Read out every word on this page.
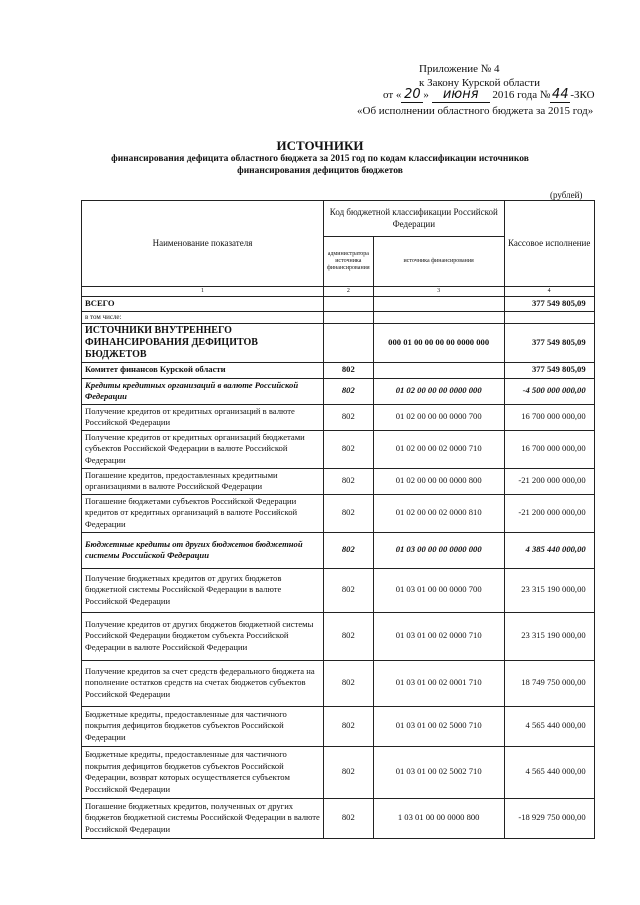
Приложение № 4
к Закону Курской области
от « 20 » июня 2016 года № 44 -ЗКО
«Об исполнении областного бюджета за 2015 год»
ИСТОЧНИКИ
финансирования дефицита областного бюджета за 2015 год по кодам классификации источников
финансирования дефицитов бюджетов
(рублей)
Наименование показателя	Код бюджетной классификации Российской Федерации		Кассовое исполнение
	администратора источника финансирования	источника финансирования	
1	2	3	4
ВСЕГО			377 549 805,09
в том числе:			
ИСТОЧНИКИ ВНУТРЕННЕГО ФИНАНСИРОВАНИЯ ДЕФИЦИТОВ БЮДЖЕТОВ		000 01 00 00 00 00 0000 000	377 549 805,09
Комитет финансов Курской области	802		377 549 805,09
Кредиты кредитных организаций в валюте Российской Федерации	802	01 02 00 00 00 0000 000	-4 500 000 000,00
Получение кредитов от кредитных организаций в валюте Российской Федерации	802	01 02 00 00 00 0000 700	16 700 000 000,00
Получение кредитов от кредитных организаций бюджетами субъектов Российской Федерации в валюте Российской Федерации	802	01 02 00 00 02 0000 710	16 700 000 000,00
Погашение кредитов, предоставленных кредитными организациями в валюте Российской Федерации	802	01 02 00 00 00 0000 800	-21 200 000 000,00
Погашение бюджетами субъектов Российской Федерации кредитов от кредитных организаций в валюте Российской Федерации	802	01 02 00 00 02 0000 810	-21 200 000 000,00
Бюджетные кредиты от других бюджетов бюджетной системы Российской Федерации	802	01 03 00 00 00 0000 000	4 385 440 000,00
Получение бюджетных кредитов от других бюджетов бюджетной системы Российской Федерации в валюте Российской Федерации	802	01 03 01 00 00 0000 700	23 315 190 000,00
Получение кредитов от других бюджетов бюджетной системы Российской Федерации бюджетом субъекта Российской Федерации в валюте Российской Федерации	802	01 03 01 00 02 0000 710	23 315 190 000,00
Получение кредитов за счет средств федерального бюджета на пополнение остатков средств на счетах бюджетов субъектов Российской Федерации	802	01 03 01 00 02 0001 710	18 749 750 000,00
Бюджетные кредиты, предоставленные для частичного покрытия дефицитов бюджетов субъектов Российской Федерации	802	01 03 01 00 02 5000 710	4 565 440 000,00
Бюджетные кредиты, предоставленные для частичного покрытия дефицитов бюджетов субъектов Российской Федерации, возврат которых осуществляется субъектом Российской Федерации	802	01 03 01 00 02 5002 710	4 565 440 000,00
Погашение бюджетных кредитов, полученных от других бюджетов бюджетной системы Российской Федерации в валюте Российской Федерации	802	1 03 01 00 00 0000 800	-18 929 750 000,00
